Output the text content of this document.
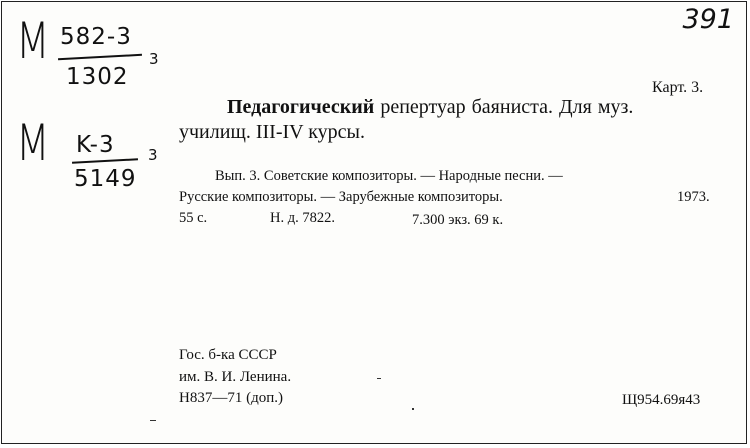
391
M 582-3
1302
3
M K-3
5149
3
Карт. 3.
Педагогический репертуар баяниста. Для муз.
училищ. III-IV курсы.
Вып. 3. Советские композиторы. — Народные песни. —
Русские композиторы. — Зарубежные композиторы.	1973.
55 с.	Н. д. 7822.	7.300 экз. 69 к.
Гос. б-ка СССР
им. В. И. Ленина.
Н837—71 (доп.)	Щ954.69я43
